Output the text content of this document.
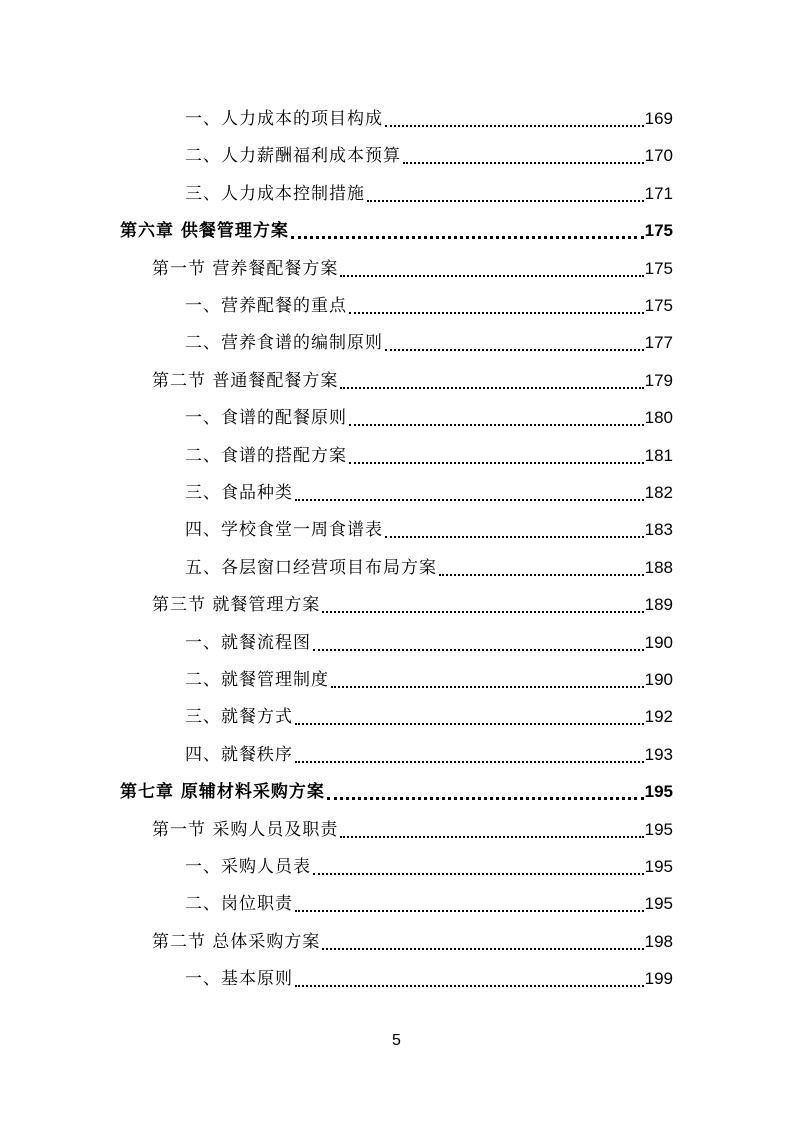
一、人力成本的项目构成	169
二、人力薪酬福利成本预算	170
三、人力成本控制措施	171
第六章 供餐管理方案	175
第一节 营养餐配餐方案	175
一、营养配餐的重点	175
二、营养食谱的编制原则	177
第二节 普通餐配餐方案	179
一、食谱的配餐原则	180
二、食谱的搭配方案	181
三、食品种类	182
四、学校食堂一周食谱表	183
五、各层窗口经营项目布局方案	188
第三节 就餐管理方案	189
一、就餐流程图	190
二、就餐管理制度	190
三、就餐方式	192
四、就餐秩序	193
第七章 原辅材料采购方案	195
第一节 采购人员及职责	195
一、采购人员表	195
二、岗位职责	195
第二节 总体采购方案	198
一、基本原则	199
5
